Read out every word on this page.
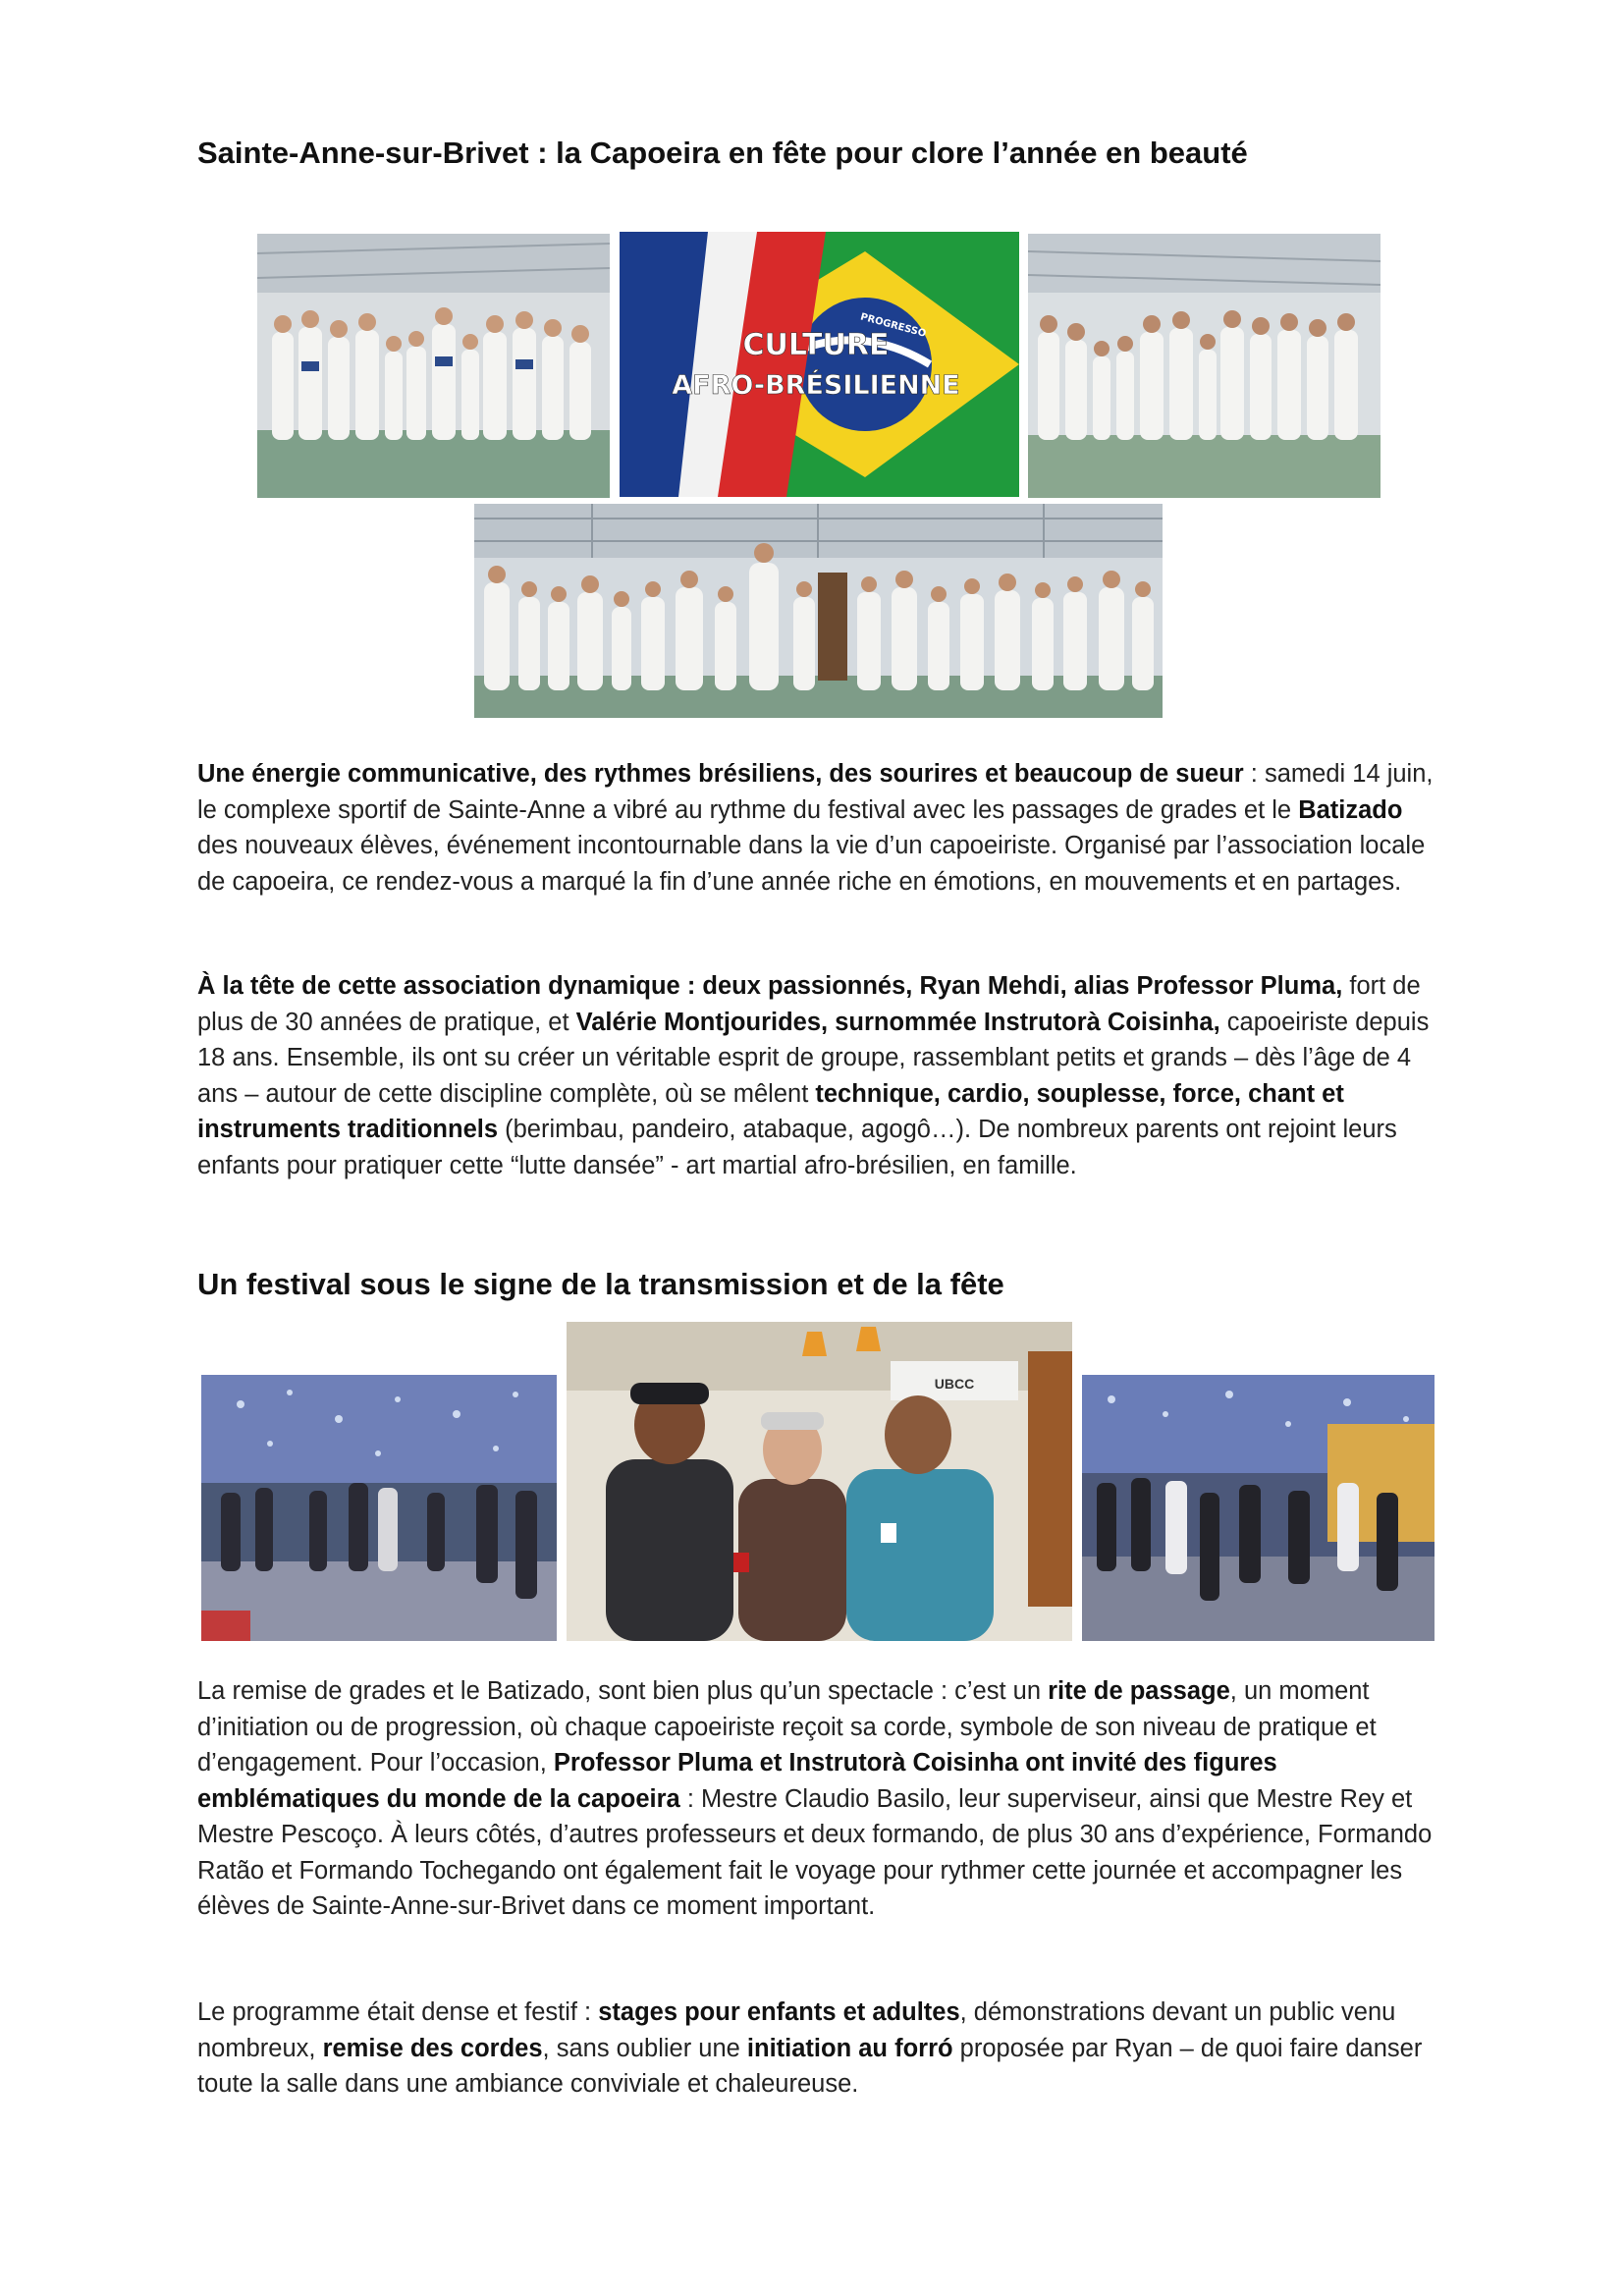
Sainte-Anne-sur-Brivet : la Capoeira en fête pour clore l’année en beauté
CULTURE
AFRO-BRÉSILIENNE
PROGRESSO

Une énergie communicative, des rythmes brésiliens, des sourires et beaucoup de sueur : samedi 14 juin, le complexe sportif de Sainte-Anne a vibré au rythme du festival avec les passages de grades et le Batizado des nouveaux élèves, événement incontournable dans la vie d’un capoeiriste. Organisé par l’association locale de capoeira, ce rendez-vous a marqué la fin d’une année riche en émotions, en mouvements et en partages.

À la tête de cette association dynamique : deux passionnés, Ryan Mehdi, alias Professor Pluma, fort de plus de 30 années de pratique, et Valérie Montjourides, surnommée Instrutorà Coisinha, capoeiriste depuis 18 ans. Ensemble, ils ont su créer un véritable esprit de groupe, rassemblant petits et grands – dès l’âge de 4 ans – autour de cette discipline complète, où se mêlent technique, cardio, souplesse, force, chant et instruments traditionnels (berimbau, pandeiro, atabaque, agogô…). De nombreux parents ont rejoint leurs enfants pour pratiquer cette “lutte dansée” - art martial afro-brésilien, en famille.

Un festival sous le signe de la transmission et de la fête
UBCC

La remise de grades et le Batizado, sont bien plus qu’un spectacle : c’est un rite de passage, un moment d’initiation ou de progression, où chaque capoeiriste reçoit sa corde, symbole de son niveau de pratique et d’engagement. Pour l’occasion, Professor Pluma et Instrutorà Coisinha ont invité des figures emblématiques du monde de la capoeira : Mestre Claudio Basilo, leur superviseur, ainsi que Mestre Rey et Mestre Pescoço. À leurs côtés, d’autres professeurs et deux formando, de plus 30 ans d’expérience, Formando Ratão et Formando Tochegando ont également fait le voyage pour rythmer cette journée et accompagner les élèves de Sainte-Anne-sur-Brivet dans ce moment important.

Le programme était dense et festif : stages pour enfants et adultes, démonstrations devant un public venu nombreux, remise des cordes, sans oublier une initiation au forró proposée par Ryan – de quoi faire danser toute la salle dans une ambiance conviviale et chaleureuse.
